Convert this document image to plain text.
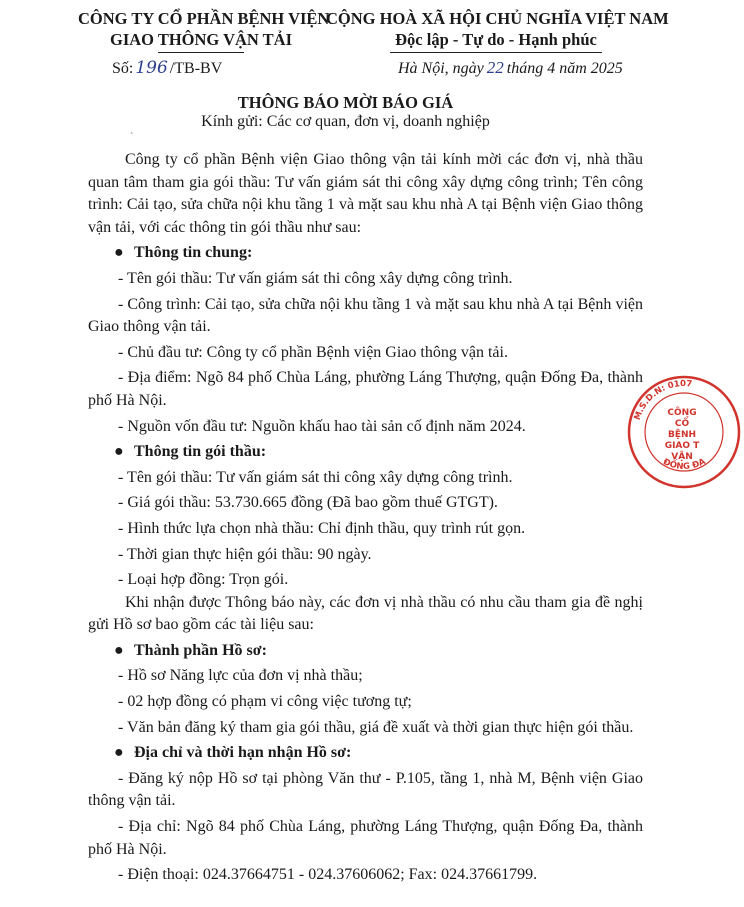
CÔNG TY CỔ PHẦN BỆNH VIỆN
GIAO THÔNG VẬN TẢI
CỘNG HOÀ XÃ HỘI CHỦ NGHĨA VIỆT NAM
Độc lập - Tự do - Hạnh phúc
Số: 196 /TB-BV	Hà Nội, ngày 22 tháng 4 năm 2025
THÔNG BÁO MỜI BÁO GIÁ
Kính gửi: Các cơ quan, đơn vị, doanh nghiệp
ˋ

Công ty cổ phần Bệnh viện Giao thông vận tải kính mời các đơn vị, nhà thầu quan tâm tham gia gói thầu: Tư vấn giám sát thi công xây dựng công trình; Tên công trình: Cải tạo, sửa chữa nội khu tầng 1 và mặt sau khu nhà A tại Bệnh viện Giao thông vận tải, với các thông tin gói thầu như sau:

● Thông tin chung:

- Tên gói thầu: Tư vấn giám sát thi công xây dựng công trình.

- Công trình: Cải tạo, sửa chữa nội khu tầng 1 và mặt sau khu nhà A tại Bệnh viện Giao thông vận tải.

- Chủ đầu tư: Công ty cổ phần Bệnh viện Giao thông vận tải.

- Địa điểm: Ngõ 84 phố Chùa Láng, phường Láng Thượng, quận Đống Đa, thành phố Hà Nội.

- Nguồn vốn đầu tư: Nguồn khấu hao tài sản cố định năm 2024.

● Thông tin gói thầu:

- Tên gói thầu: Tư vấn giám sát thi công xây dựng công trình.

- Giá gói thầu: 53.730.665 đồng (Đã bao gồm thuế GTGT).

- Hình thức lựa chọn nhà thầu: Chỉ định thầu, quy trình rút gọn.

- Thời gian thực hiện gói thầu: 90 ngày.

- Loại hợp đồng: Trọn gói.

Khi nhận được Thông báo này, các đơn vị nhà thầu có nhu cầu tham gia đề nghị gửi Hồ sơ bao gồm các tài liệu sau:

● Thành phần Hồ sơ:

- Hồ sơ Năng lực của đơn vị nhà thầu;

- 02 hợp đồng có phạm vi công việc tương tự;

- Văn bản đăng ký tham gia gói thầu, giá đề xuất và thời gian thực hiện gói thầu.

● Địa chỉ và thời hạn nhận Hồ sơ:

- Đăng ký nộp Hồ sơ tại phòng Văn thư - P.105, tầng 1, nhà M, Bệnh viện Giao thông vận tải.

- Địa chỉ: Ngõ 84 phố Chùa Láng, phường Láng Thượng, quận Đống Đa, thành phố Hà Nội.

- Điện thoại: 024.37664751 - 024.37606062; Fax: 024.37661799.

M.S.D.N: 0107
ĐỐNG ĐA
CÔNG
CỔ
BỆNH
GIAO T
VẬN
